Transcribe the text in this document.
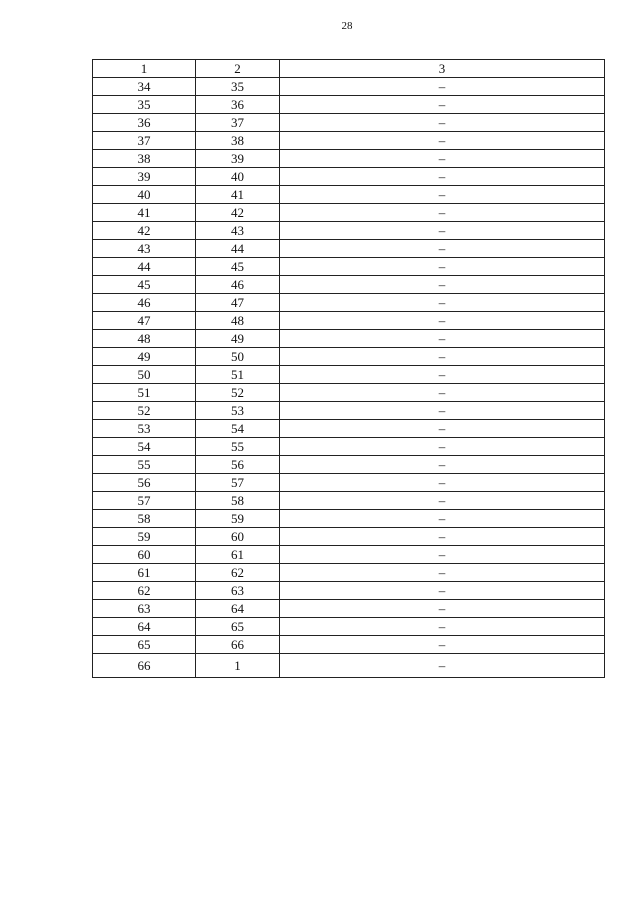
28
1	2	3
34	35	–
35	36	–
36	37	–
37	38	–
38	39	–
39	40	–
40	41	–
41	42	–
42	43	–
43	44	–
44	45	–
45	46	–
46	47	–
47	48	–
48	49	–
49	50	–
50	51	–
51	52	–
52	53	–
53	54	–
54	55	–
55	56	–
56	57	–
57	58	–
58	59	–
59	60	–
60	61	–
61	62	–
62	63	–
63	64	–
64	65	–
65	66	–
66	1	–
